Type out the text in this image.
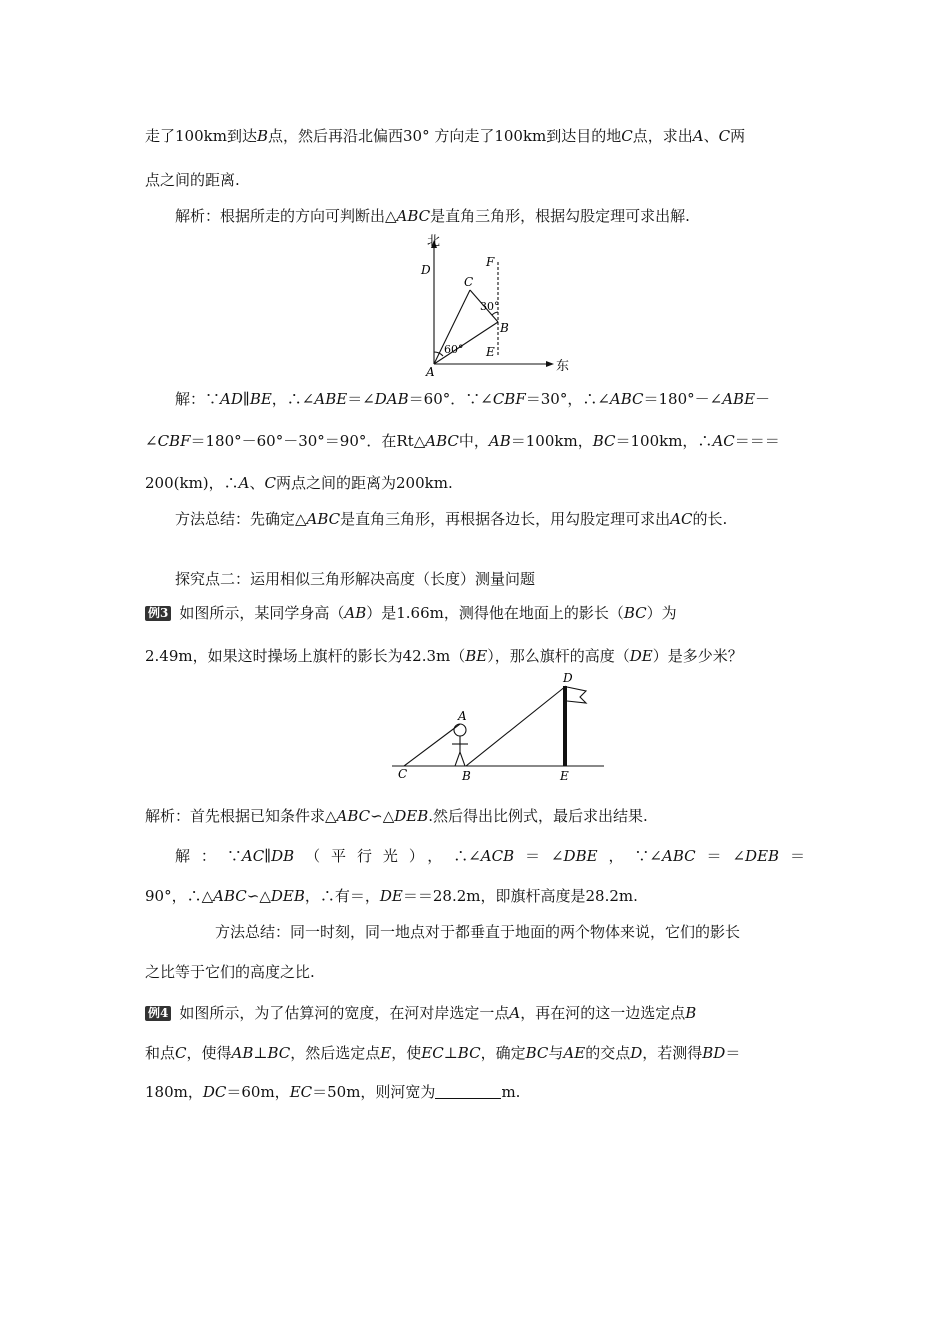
走了100km到达B点，然后再沿北偏西30° 方向走了100km到达目的地C点，求出A、C两
点之间的距离.
解析：根据所走的方向可判断出△ABC是直角三角形，根据勾股定理可求出解.
北
东
D
F
C
B
E
A
30°
60°
解：∵AD∥BE，∴∠ABE＝∠DAB＝60°．∵∠CBF＝30°，∴∠ABC＝180°－∠ABE－
∠CBF＝180°－60°－30°＝90°．在Rt△ABC中，AB＝100km，BC＝100km，∴AC＝＝＝
200(km)，∴A、C两点之间的距离为200km.
方法总结：先确定△ABC是直角三角形，再根据各边长，用勾股定理可求出AC的长.
探究点二：运用相似三角形解决高度（长度）测量问题
例3 如图所示，某同学身高（AB）是1.66m，测得他在地面上的影长（BC）为
2.49m，如果这时操场上旗杆的影长为42.3m（BE），那么旗杆的高度（DE）是多少米？
A
B
C
D
E
解析：首先根据已知条件求△ABC∽△DEB.然后得出比例式，最后求出结果.
解：∵AC∥DB（平行光），∴∠ACB＝∠DBE，∵∠ABC＝∠DEB＝
90°，∴△ABC∽△DEB，∴有＝，DE＝＝28.2m，即旗杆高度是28.2m.
方法总结：同一时刻，同一地点对于都垂直于地面的两个物体来说，它们的影长
之比等于它们的高度之比.
例4 如图所示，为了估算河的宽度，在河对岸选定一点A，再在河的这一边选定点B
和点C，使得AB⊥BC，然后选定点E，使EC⊥BC，确定BC与AE的交点D，若测得BD＝
180m，DC＝60m，EC＝50m，则河宽为	m.
